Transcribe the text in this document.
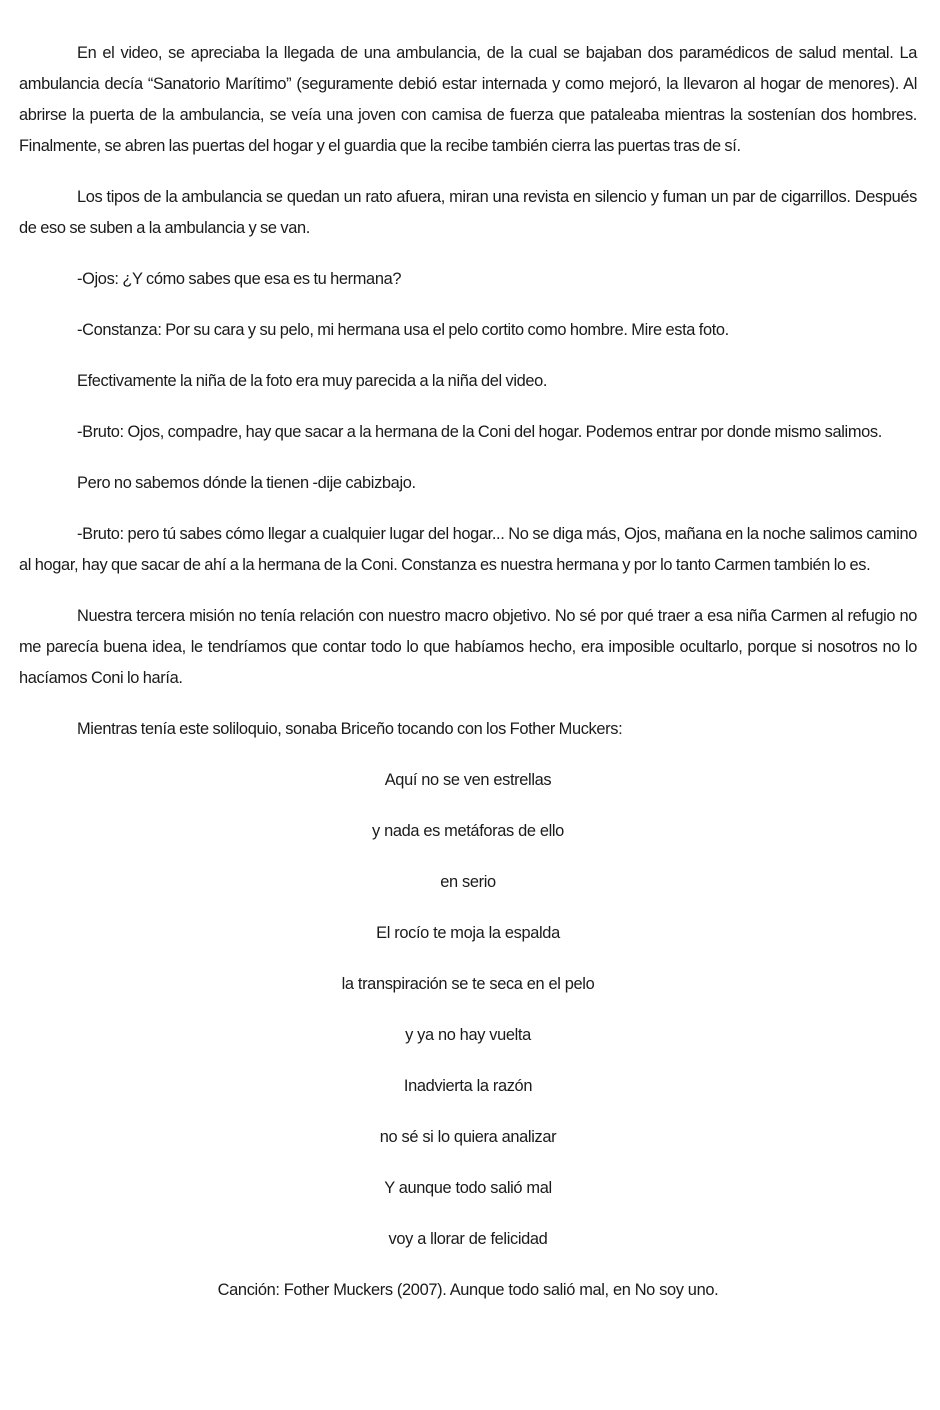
En el video, se apreciaba la llegada de una ambulancia, de la cual se bajaban dos paramédicos de salud mental. La ambulancia decía “Sanatorio Marítimo” (seguramente debió estar internada y como mejoró, la llevaron al hogar de menores). Al abrirse la puerta de la ambulancia, se veía una joven con camisa de fuerza que pataleaba mientras la sostenían dos hombres. Finalmente, se abren las puertas del hogar y el guardia que la recibe también cierra las puertas tras de sí.

Los tipos de la ambulancia se quedan un rato afuera, miran una revista en silencio y fuman un par de cigarrillos. Después de eso se suben a la ambulancia y se van.

-Ojos: ¿Y cómo sabes que esa es tu hermana?

-Constanza: Por su cara y su pelo, mi hermana usa el pelo cortito como hombre. Mire esta foto.

Efectivamente la niña de la foto era muy parecida a la niña del video.

-Bruto: Ojos, compadre, hay que sacar a la hermana de la Coni del hogar. Podemos entrar por donde mismo salimos.

Pero no sabemos dónde la tienen -dije cabizbajo.

-Bruto: pero tú sabes cómo llegar a cualquier lugar del hogar... No se diga más, Ojos, mañana en la noche salimos camino al hogar, hay que sacar de ahí a la hermana de la Coni. Constanza es nuestra hermana y por lo tanto Carmen también lo es.

Nuestra tercera misión no tenía relación con nuestro macro objetivo. No sé por qué traer a esa niña Carmen al refugio no me parecía buena idea, le tendríamos que contar todo lo que habíamos hecho, era imposible ocultarlo, porque si nosotros no lo hacíamos Coni lo haría.

Mientras tenía este soliloquio, sonaba Briceño tocando con los Fother Muckers:

Aquí no se ven estrellas

y nada es metáforas de ello

en serio

El rocío te moja la espalda

la transpiración se te seca en el pelo

y ya no hay vuelta

Inadvierta la razón

no sé si lo quiera analizar

Y aunque todo salió mal

voy a llorar de felicidad

Canción: Fother Muckers (2007). Aunque todo salió mal, en No soy uno.
